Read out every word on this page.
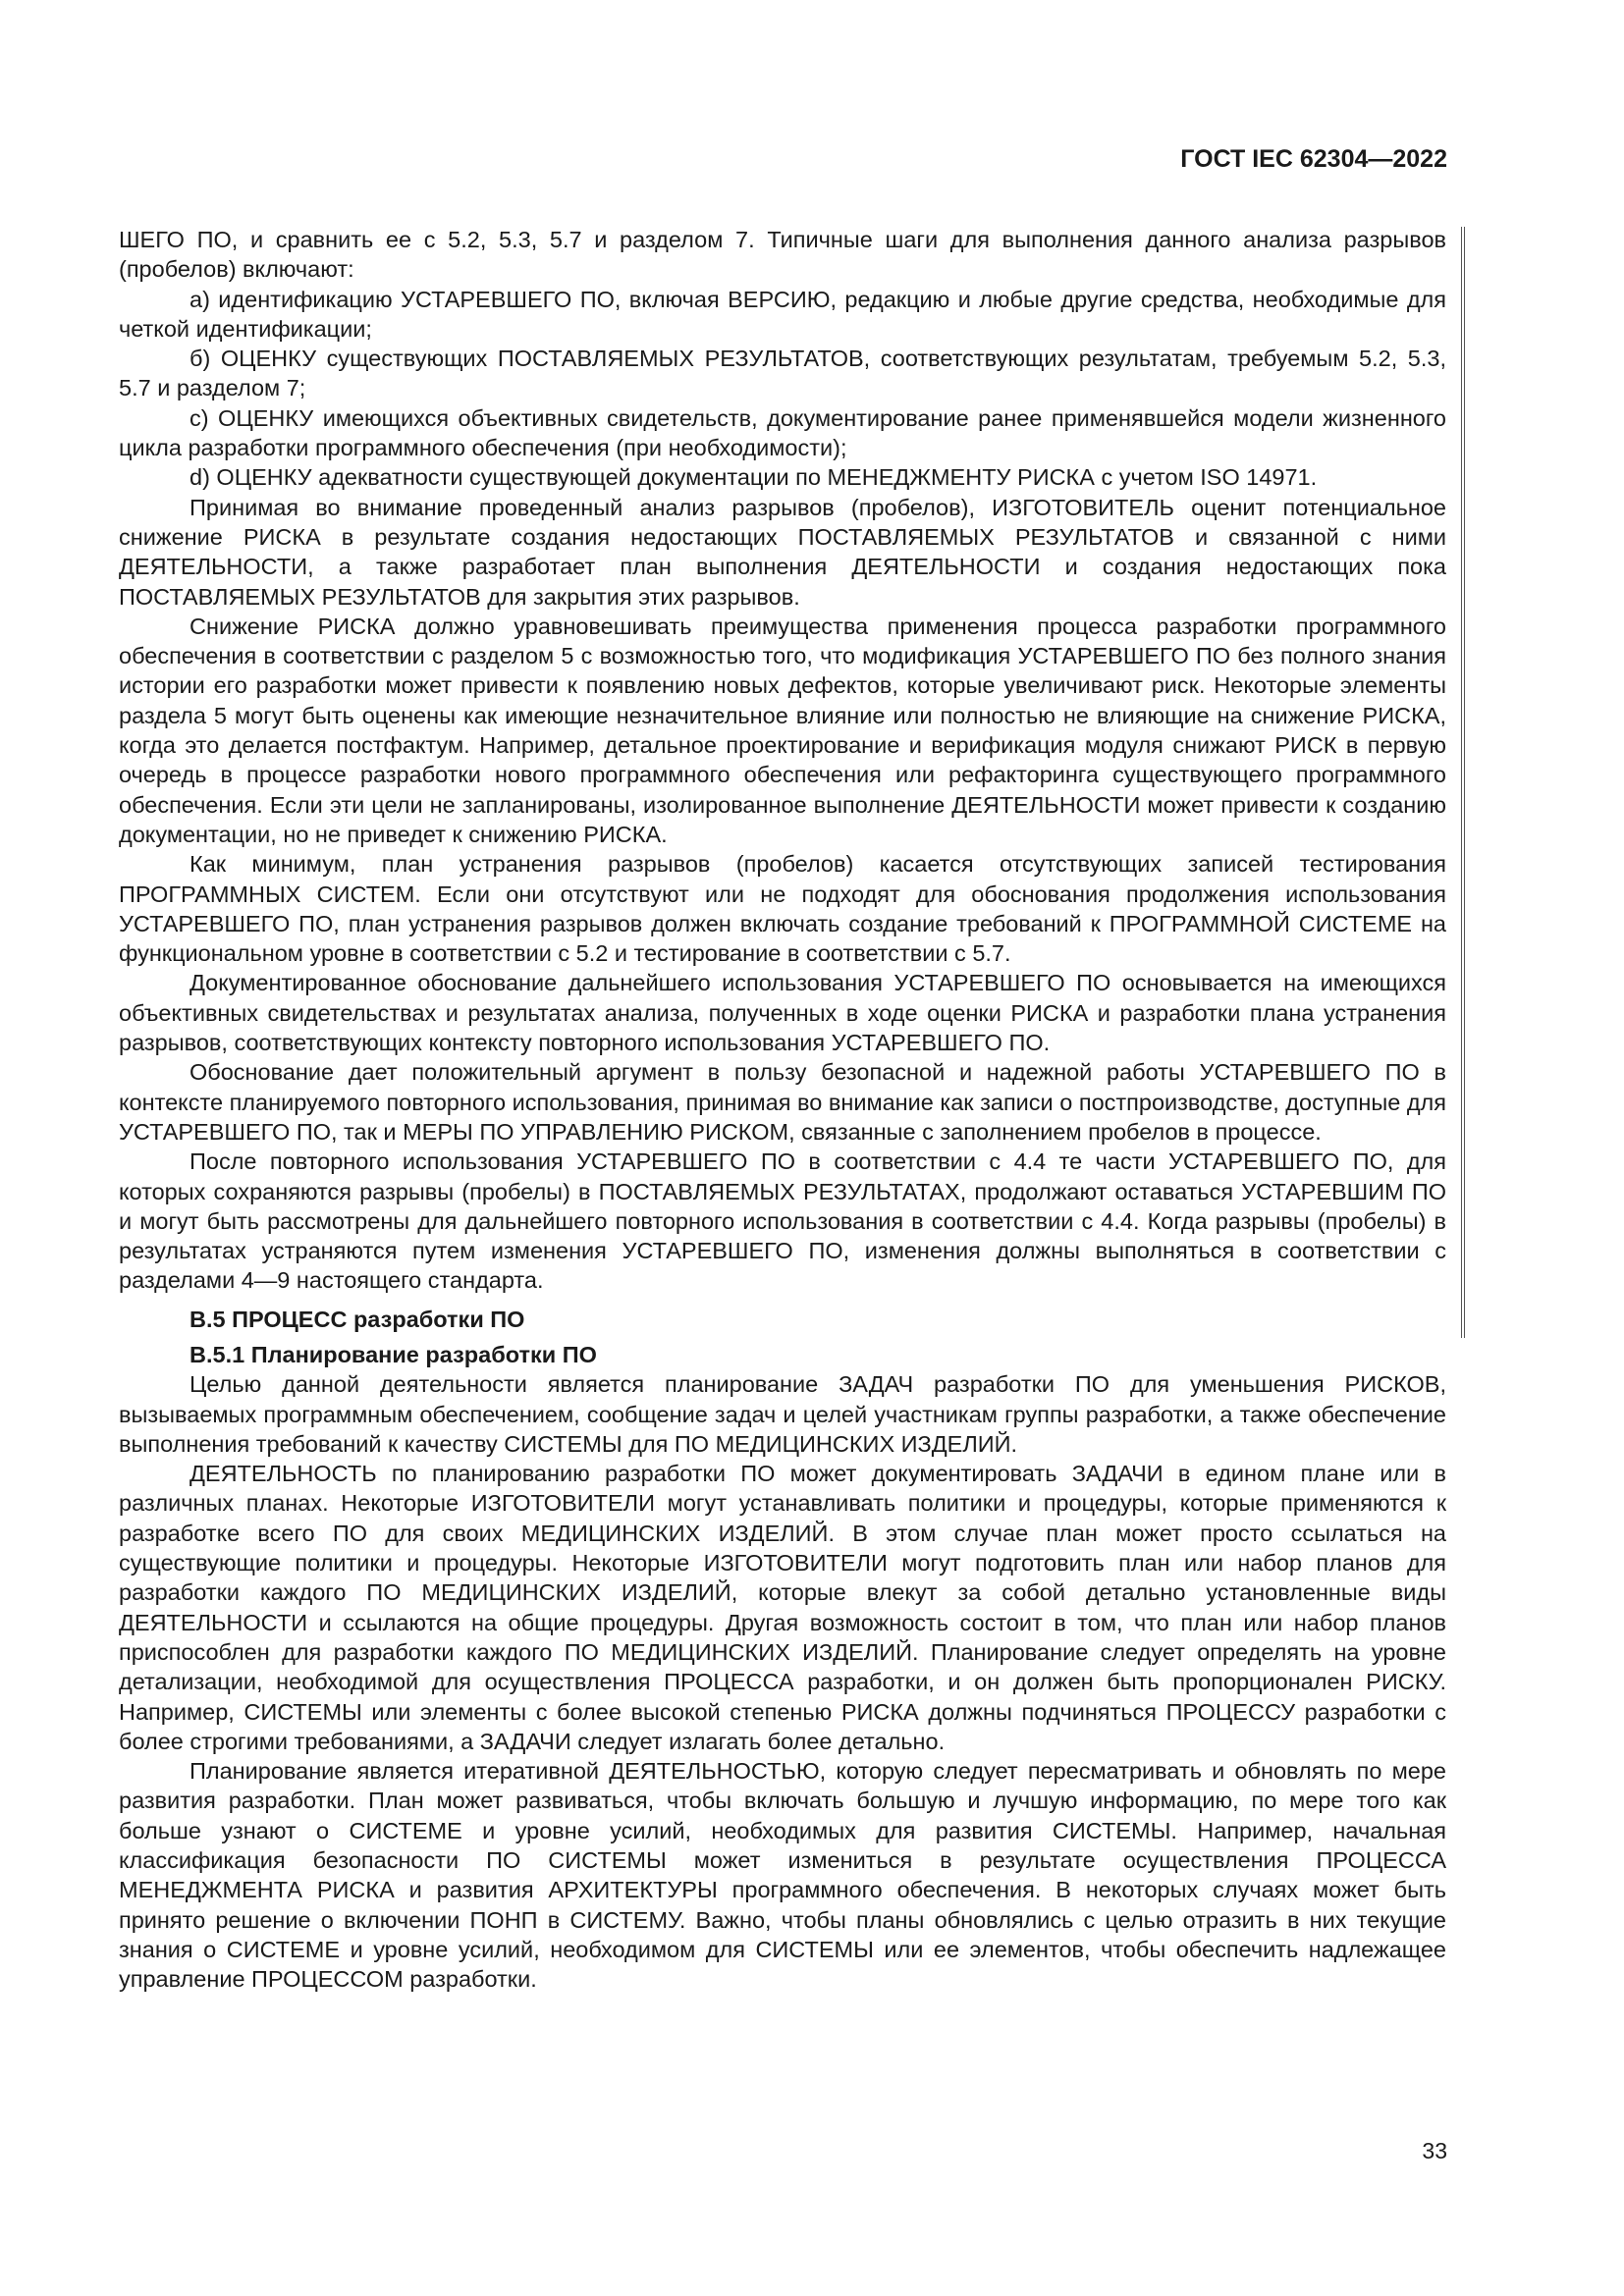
ГОСТ IEC 62304—2022

ШЕГО ПО, и сравнить ее с 5.2, 5.3, 5.7 и разделом 7. Типичные шаги для выполнения данного анализа разрывов (пробелов) включают:

a) идентификацию УСТАРЕВШЕГО ПО, включая ВЕРСИЮ, редакцию и любые другие средства, необходимые для четкой идентификации;

б) ОЦЕНКУ существующих ПОСТАВЛЯЕМЫХ РЕЗУЛЬТАТОВ, соответствующих результатам, требуемым 5.2, 5.3, 5.7 и разделом 7;

c) ОЦЕНКУ имеющихся объективных свидетельств, документирование ранее применявшейся модели жизненного цикла разработки программного обеспечения (при необходимости);

d) ОЦЕНКУ адекватности существующей документации по МЕНЕДЖМЕНТУ РИСКА с учетом ISO 14971.

Принимая во внимание проведенный анализ разрывов (пробелов), ИЗГОТОВИТЕЛЬ оценит потенциальное снижение РИСКА в результате создания недостающих ПОСТАВЛЯЕМЫХ РЕЗУЛЬТАТОВ и связанной с ними ДЕЯТЕЛЬНОСТИ, а также разработает план выполнения ДЕЯТЕЛЬНОСТИ и создания недостающих пока ПОСТАВЛЯЕМЫХ РЕЗУЛЬТАТОВ для закрытия этих разрывов.

Снижение РИСКА должно уравновешивать преимущества применения процесса разработки программного обеспечения в соответствии с разделом 5 с возможностью того, что модификация УСТАРЕВШЕГО ПО без полного знания истории его разработки может привести к появлению новых дефектов, которые увеличивают риск. Некоторые элементы раздела 5 могут быть оценены как имеющие незначительное влияние или полностью не влияющие на снижение РИСКА, когда это делается постфактум. Например, детальное проектирование и верификация модуля снижают РИСК в первую очередь в процессе разработки нового программного обеспечения или рефакторинга существующего программного обеспечения. Если эти цели не запланированы, изолированное выполнение ДЕЯТЕЛЬНОСТИ может привести к созданию документации, но не приведет к снижению РИСКА.

Как минимум, план устранения разрывов (пробелов) касается отсутствующих записей тестирования ПРОГРАММНЫХ СИСТЕМ. Если они отсутствуют или не подходят для обоснования продолжения использования УСТАРЕВШЕГО ПО, план устранения разрывов должен включать создание требований к ПРОГРАММНОЙ СИСТЕМЕ на функциональном уровне в соответствии с 5.2 и тестирование в соответствии с 5.7.

Документированное обоснование дальнейшего использования УСТАРЕВШЕГО ПО основывается на имеющихся объективных свидетельствах и результатах анализа, полученных в ходе оценки РИСКА и разработки плана устранения разрывов, соответствующих контексту повторного использования УСТАРЕВШЕГО ПО.

Обоснование дает положительный аргумент в пользу безопасной и надежной работы УСТАРЕВШЕГО ПО в контексте планируемого повторного использования, принимая во внимание как записи о постпроизводстве, доступные для УСТАРЕВШЕГО ПО, так и МЕРЫ ПО УПРАВЛЕНИЮ РИСКОМ, связанные с заполнением пробелов в процессе.

После повторного использования УСТАРЕВШЕГО ПО в соответствии с 4.4 те части УСТАРЕВШЕГО ПО, для которых сохраняются разрывы (пробелы) в ПОСТАВЛЯЕМЫХ РЕЗУЛЬТАТАХ, продолжают оставаться УСТАРЕВШИМ ПО и могут быть рассмотрены для дальнейшего повторного использования в соответствии с 4.4. Когда разрывы (пробелы) в результатах устраняются путем изменения УСТАРЕВШЕГО ПО, изменения должны выполняться в соответствии с разделами 4—9 настоящего стандарта.

B.5 ПРОЦЕСС разработки ПО

B.5.1 Планирование разработки ПО

Целью данной деятельности является планирование ЗАДАЧ разработки ПО для уменьшения РИСКОВ, вызываемых программным обеспечением, сообщение задач и целей участникам группы разработки, а также обеспечение выполнения требований к качеству СИСТЕМЫ для ПО МЕДИЦИНСКИХ ИЗДЕЛИЙ.

ДЕЯТЕЛЬНОСТЬ по планированию разработки ПО может документировать ЗАДАЧИ в едином плане или в различных планах. Некоторые ИЗГОТОВИТЕЛИ могут устанавливать политики и процедуры, которые применяются к разработке всего ПО для своих МЕДИЦИНСКИХ ИЗДЕЛИЙ. В этом случае план может просто ссылаться на существующие политики и процедуры. Некоторые ИЗГОТОВИТЕЛИ могут подготовить план или набор планов для разработки каждого ПО МЕДИЦИНСКИХ ИЗДЕЛИЙ, которые влекут за собой детально установленные виды ДЕЯТЕЛЬНОСТИ и ссылаются на общие процедуры. Другая возможность состоит в том, что план или набор планов приспособлен для разработки каждого ПО МЕДИЦИНСКИХ ИЗДЕЛИЙ. Планирование следует определять на уровне детализации, необходимой для осуществления ПРОЦЕССА разработки, и он должен быть пропорционален РИСКУ. Например, СИСТЕМЫ или элементы с более высокой степенью РИСКА должны подчиняться ПРОЦЕССУ разработки с более строгими требованиями, а ЗАДАЧИ следует излагать более детально.

Планирование является итеративной ДЕЯТЕЛЬНОСТЬЮ, которую следует пересматривать и обновлять по мере развития разработки. План может развиваться, чтобы включать большую и лучшую информацию, по мере того как больше узнают о СИСТЕМЕ и уровне усилий, необходимых для развития СИСТЕМЫ. Например, начальная классификация безопасности ПО СИСТЕМЫ может измениться в результате осуществления ПРОЦЕССА МЕНЕДЖМЕНТА РИСКА и развития АРХИТЕКТУРЫ программного обеспечения. В некоторых случаях может быть принято решение о включении ПОНП в СИСТЕМУ. Важно, чтобы планы обновлялись с целью отразить в них текущие знания о СИСТЕМЕ и уровне усилий, необходимом для СИСТЕМЫ или ее элементов, чтобы обеспечить надлежащее управление ПРОЦЕССОМ разработки.

33
